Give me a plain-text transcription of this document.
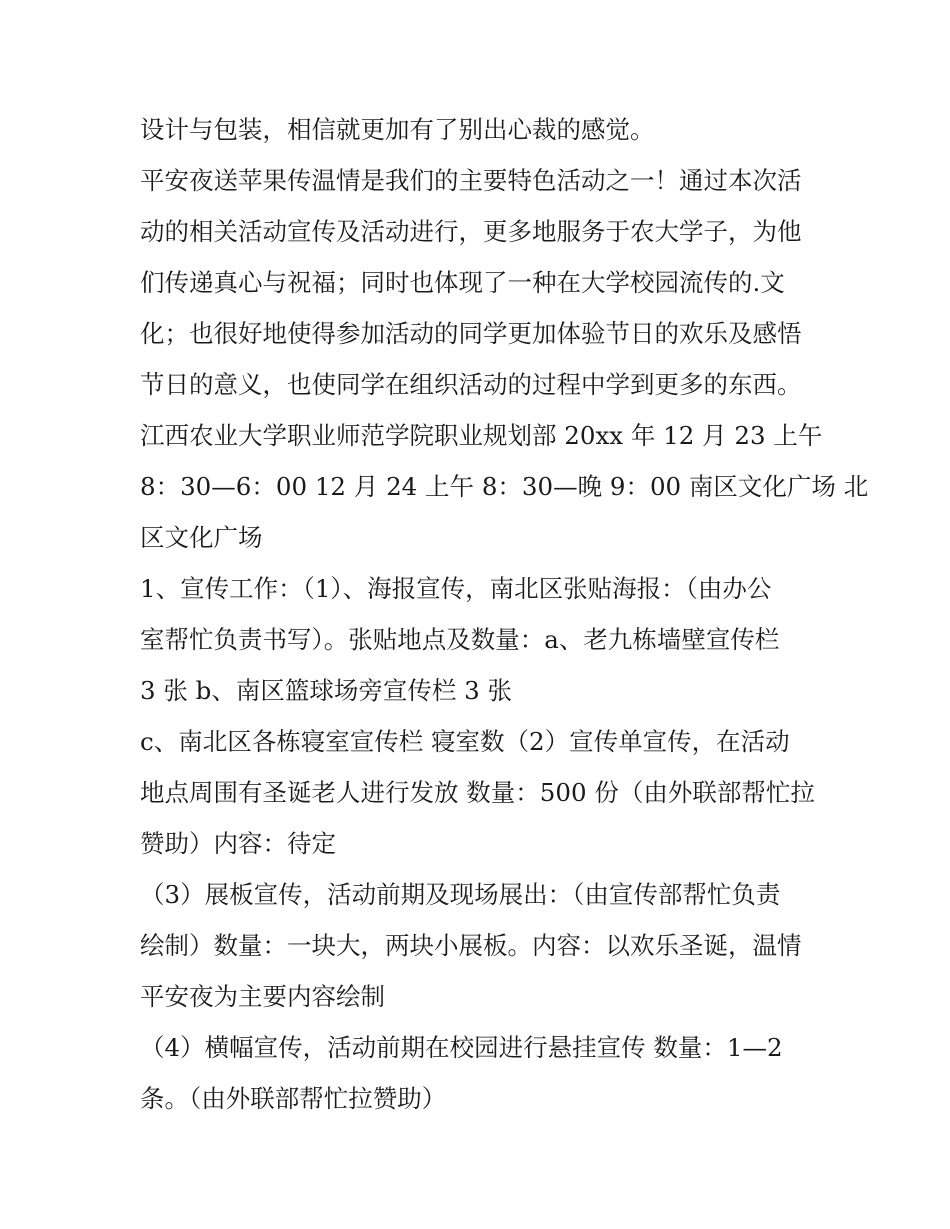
设计与包装，相信就更加有了别出心裁的感觉。
平安夜送苹果传温情是我们的主要特色活动之一！通过本次活
动的相关活动宣传及活动进行，更多地服务于农大学子，为他
们传递真心与祝福；同时也体现了一种在大学校园流传的.文
化；也很好地使得参加活动的同学更加体验节日的欢乐及感悟
节日的意义，也使同学在组织活动的过程中学到更多的东西。
江西农业大学职业师范学院职业规划部 20xx 年 12 月 23 上午
8：30—6：00 12 月 24 上午 8：30—晚 9：00 南区文化广场 北
区文化广场
1、宣传工作：（1）、海报宣传，南北区张贴海报：（由办公
室帮忙负责书写）。张贴地点及数量：a、老九栋墙壁宣传栏
3 张 b、南区篮球场旁宣传栏 3 张
c、南北区各栋寝室宣传栏 寝室数（2）宣传单宣传，在活动
地点周围有圣诞老人进行发放 数量：500 份（由外联部帮忙拉
赞助）内容：待定
（3）展板宣传，活动前期及现场展出：（由宣传部帮忙负责
绘制）数量：一块大，两块小展板。内容：以欢乐圣诞，温情
平安夜为主要内容绘制
（4）横幅宣传，活动前期在校园进行悬挂宣传 数量：1—2
条。（由外联部帮忙拉赞助）
